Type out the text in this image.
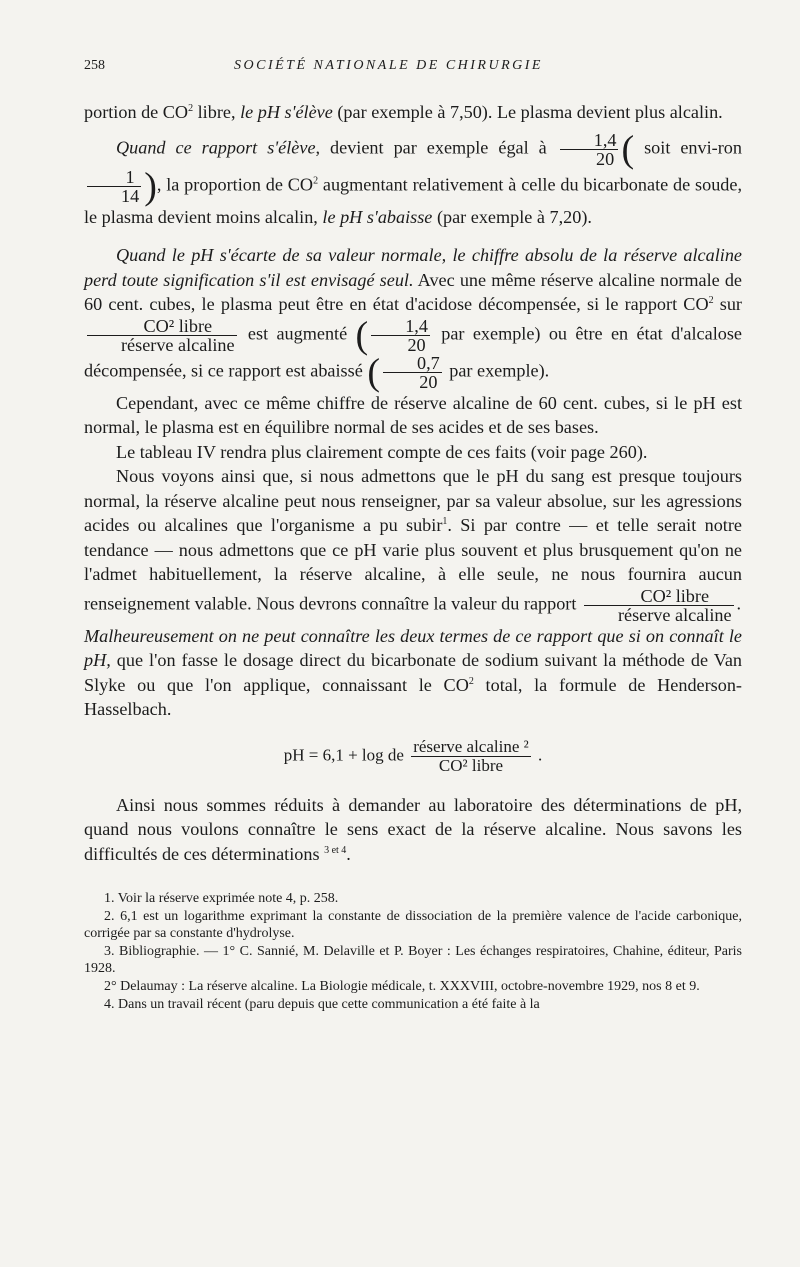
258	SOCIÉTÉ NATIONALE DE CHIRURGIE

portion de $CO^2$ libre, le pH s'élève (par exemple à 7,50). Le plasma devient plus alcalin.

Quand ce rapport s'élève, devient par exemple égal à $\frac{1,4}{20}$ ( soit envi-ron
$\frac{1}{14}$ ), la proportion de $CO^2$ augmentant relativement à celle du bicarbonate de soude, le plasma devient moins alcalin, le pH s'abaisse (par exemple à 7,20).

Quand le pH s'écarte de sa valeur normale, le chiffre absolu de la réserve alcaline perd toute signification s'il est envisagé seul. Avec une même réserve alcaline normale de 60 cent. cubes, le plasma peut être en état d'acidose décompensée, si le rapport $CO^2$ sur
$\frac{\text{CO² libre}}{\text{réserve alcaline}}$ est augmenté ( $\frac{1,4}{20}$ par exemple) ou être en état d'alcalose décompensée, si ce rapport est abaissé ( $\frac{0,7}{20}$ par exemple).

Cependant, avec ce même chiffre de réserve alcaline de 60 cent. cubes, si le pH est normal, le plasma est en équilibre normal de ses acides et de ses bases.

Le tableau IV rendra plus clairement compte de ces faits (voir page 260).

Nous voyons ainsi que, si nous admettons que le pH du sang est presque toujours normal, la réserve alcaline peut nous renseigner, par sa valeur absolue, sur les agressions acides ou alcalines que l'organisme a pu subir$^1$. Si par contre — et telle serait notre tendance — nous admettons que ce pH varie plus souvent et plus brusquement qu'on ne l'admet habituellement, la réserve alcaline, à elle seule, ne nous fournira aucun renseignement valable. Nous devrons connaître la valeur du rapport $\frac{\text{CO² libre}}{\text{réserve alcaline}}$ .

Malheureusement on ne peut connaître les deux termes de ce rapport que si on connaît le pH, que l'on fasse le dosage direct du bicarbonate de sodium suivant la méthode de Van Slyke ou que l'on applique, connaissant le $CO^2$ total, la formule de Henderson-Hasselbach.

pH = 6,1 + log de $\frac{\text{réserve alcaline ²}}{\text{CO² libre}}$ .

Ainsi nous sommes réduits à demander au laboratoire des déterminations de pH, quand nous voulons connaître le sens exact de la réserve alcaline. Nous savons les difficultés de ces déterminations $^{3 et 4}$.

1. Voir la réserve exprimée note 4, p. 258.

2. 6,1 est un logarithme exprimant la constante de dissociation de la première valence de l'acide carbonique, corrigée par sa constante d'hydrolyse.

3. Bibliographie. — 1° C. Sannié, M. Delaville et P. Boyer : Les échanges respiratoires, Chahine, éditeur, Paris 1928.

2° Delaumay : La réserve alcaline. La Biologie médicale, t. XXXVIII, octobre-novembre 1929, nos 8 et 9.

4. Dans un travail récent (paru depuis que cette communication a été faite à la
